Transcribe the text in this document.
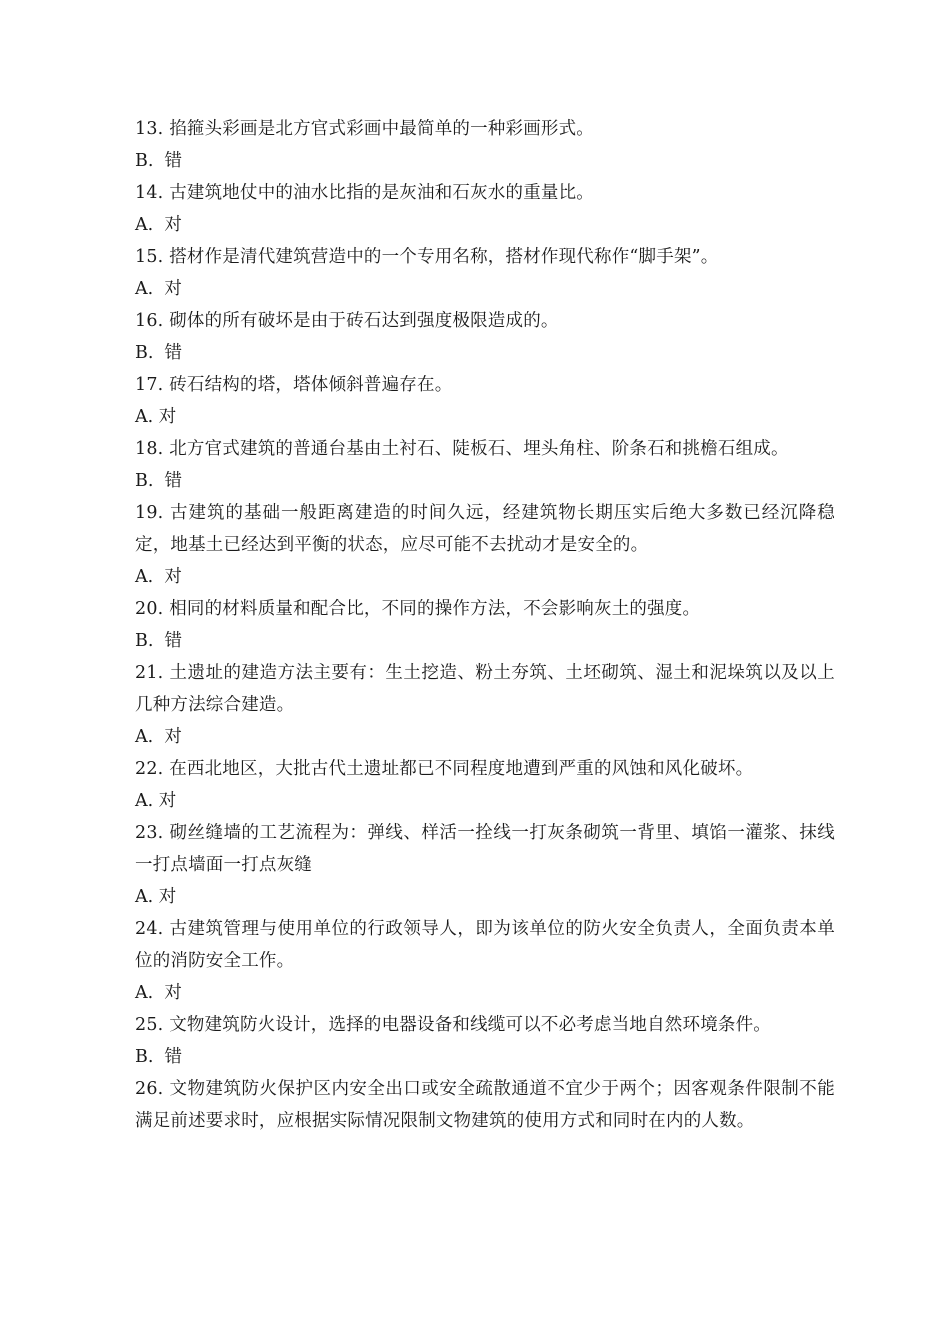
13. 掐箍头彩画是北方官式彩画中最简单的一种彩画形式。

B.  错

14. 古建筑地仗中的油水比指的是灰油和石灰水的重量比。

A.  对

15. 搭材作是清代建筑营造中的一个专用名称，搭材作现代称作“脚手架”。

A.  对

16. 砌体的所有破坏是由于砖石达到强度极限造成的。

B.  错

17. 砖石结构的塔，塔体倾斜普遍存在。

A. 对

18. 北方官式建筑的普通台基由土衬石、陡板石、埋头角柱、阶条石和挑檐石组成。

B.  错

19. 古建筑的基础一般距离建造的时间久远，经建筑物长期压实后绝大多数已经沉降稳定，地基土已经达到平衡的状态，应尽可能不去扰动才是安全的。

A.  对

20. 相同的材料质量和配合比，不同的操作方法，不会影响灰土的强度。

B.  错

21. 土遗址的建造方法主要有：生土挖造、粉土夯筑、土坯砌筑、湿土和泥垛筑以及以上几种方法综合建造。

A.  对

22. 在西北地区，大批古代土遗址都已不同程度地遭到严重的风蚀和风化破坏。

A. 对

23. 砌丝缝墙的工艺流程为：弹线、样活一拴线一打灰条砌筑一背里、填馅一灌浆、抹线一打点墙面一打点灰缝

A. 对

24. 古建筑管理与使用单位的行政领导人，即为该单位的防火安全负责人，全面负责本单位的消防安全工作。

A.  对

25. 文物建筑防火设计，选择的电器设备和线缆可以不必考虑当地自然环境条件。

B.  错

26. 文物建筑防火保护区内安全出口或安全疏散通道不宜少于两个；因客观条件限制不能满足前述要求时，应根据实际情况限制文物建筑的使用方式和同时在内的人数。
